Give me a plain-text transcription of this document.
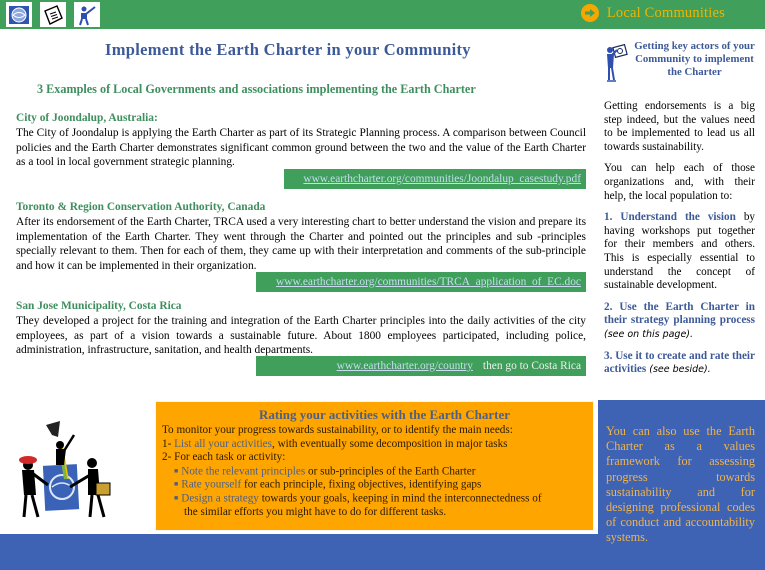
Local Communities
Implement the Earth Charter in your Community
3 Examples of Local Governments and associations implementing the Earth Charter
City of Joondalup, Australia:
The City of Joondalup is applying the Earth Charter as part of its Strategic Planning process. A comparison between Council policies and the Earth Charter demonstrates significant common ground between the two and the value of the Earth Charter as a tool in local government strategic planning.
www.earthcharter.org/communities/Joondalup_casestudy.pdf
Toronto & Region Conservation Authority, Canada
After its endorsement of the Earth Charter, TRCA used a very interesting chart to better understand the vision and prepare its implementation of the Earth Charter. They went through the Charter and pointed out the principles and sub -principles specially relevant to them. Then for each of them, they came up with their interpretation and comments of the sub-principle and how it can be implemented in their organization.
www.earthcharter.org/communities/TRCA_application_of_EC.doc
San Jose Municipality, Costa Rica
They developed a project for the training and integration of the Earth Charter principles into the daily activities of the city employees, as part of a vision towards a sustainable future. About 1800 employees participated, including police, administration, infrastructure, sanitation, and health departments.
www.earthcharter.org/country then go to Costa Rica
Getting key actors of your Community to implement the Charter

Getting endorsements is a big step indeed, but the values need to be implemented to lead us all towards sustainability.

You can help each of those organizations and, with their help, the local population to:

1. Understand the vision by having workshops put together for their members and others. This is especially essential to understand the concept of sustainable development.

2. Use the Earth Charter in their strategy planning process (see on this page).

3. Use it to create and rate their activities (see beside).

You can also use the Earth Charter as a values framework for assessing progress towards sustainability and for designing professional codes of conduct and accountability systems.
Rating your activities with the Earth Charter
To monitor your progress towards sustainability, or to identify the main needs:
1- List all your activities, with eventually some decomposition in major tasks
2- For each task or activity:
■ Note the relevant principles or sub-principles of the Earth Charter
■ Rate yourself for each principle, fixing objectives, identifying gaps
■ Design a strategy towards your goals, keeping in mind the interconnectedness of
the similar efforts you might have to do for different tasks.
